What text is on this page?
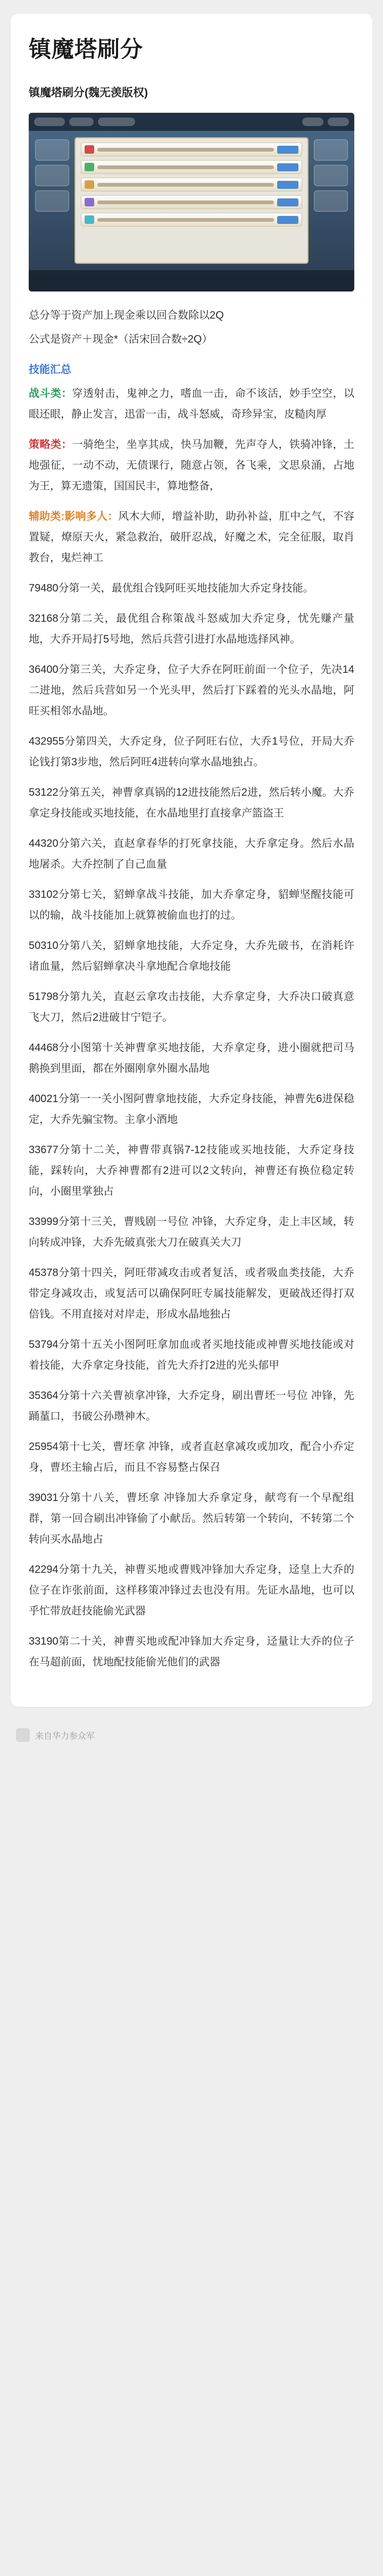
镇魔塔刷分
镇魔塔刷分(魏无羡版权)

总分等于资产加上现金乘以回合数除以2Q

公式是资产＋现金*（活宋回合数÷2Q）

技能汇总

战斗类：穿透射击，鬼神之力，嗜血一击，命不该活，妙手空空，以眼还眼，静止发言，迅雷一击，战斗怒威，奇珍异宝，皮糙肉厚

策略类：一骑绝尘，坐享其成，快马加鞭，先声夺人，铁骑冲锋，土地强征，一动不动，无债课行，随意占领，各飞乘，文思泉涌，占地为王，算无遗策，国国民丰，算地整备，

辅助类:影响多人：风木大师，增益补助，助孙补益，肛中之气，不容置疑，燎原天火，紧急救治，破肝忍战，好魔之术，完全征服，取肖教台，鬼烂神工

79480分第一关，最优组合钱阿旺买地技能加大乔定身技能。

32168分第二关，最优组合称策战斗怒威加大乔定身，忧先赚产量地，大乔开局打5号地，然后兵营引进打水晶地选择风神。

36400分第三关，大乔定身，位子大乔在阿旺前面一个位子，先决14二进地，然后兵营如另一个光头甲，然后打下踩着的光头水晶地，阿旺买相邻水晶地。

432955分第四关，大乔定身，位子阿旺右位，大乔1号位，开局大乔论钱打第3步地，然后阿旺4进转向掌水晶地独占。

53122分第五关，神曹拿真锅的12进技能然后2进，然后转小魔。大乔拿定身技能或买地技能，在水晶地里打直接拿产篮盗王

44320分第六关，直赵拿春华的打死拿技能，大乔拿定身。然后水晶地屠杀。大乔控制了自己血量

33102分第七关，貂蝉拿战斗技能，加大乔拿定身，貂蝉坚醒技能可以的输，战斗技能加上就算被偷血也打的过。

50310分第八关，貂蝉拿地技能，大乔定身，大乔先破书，在消耗许诸血量，然后貂蝉拿决斗拿地配合拿地技能

51798分第九关，直赵云拿攻击技能，大乔拿定身，大乔决口破真意飞大刀，然后2进破甘宁铠子。

44468分小图第十关神曹拿买地技能，大乔拿定身，进小圈就把司马鹅换到里面，都在外圈刚拿外圈水晶地

40021分第一一关小图阿曹拿地技能，大乔定身技能，神曹先6进保稳定，大乔先骗宝物。主拿小酒地

33677分第十二关，神曹带真锅7-12技能或买地技能，大乔定身技能，踩转向，大乔神曹都有2进可以2文转向，神曹还有换位稳定转向，小圈里掌独占

33999分第十三关，曹贱剧一号位 冲锋，大乔定身，走上丰区域，转向转成冲锋，大乔先破真张大刀在破真关大刀

45378分第十四关，阿旺带减攻击或者复活，或者吸血类技能，大乔带定身减攻击，或复活可以确保阿旺专属技能解发，更破战还得打双倍钱。不用直接对对岸走，形成水晶地独占

53794分第十五关小图阿旺拿加血或者买地技能或神曹买地技能或对着技能，大乔拿定身技能，首先大乔打2进的光头郁甲

35364分第十六关曹祯拿冲锋，大乔定身，刷出曹坯一号位 冲锋，先踊蓳口，书破公孙瓒神木。

25954第十七关，曹坯拿 冲锋，或者直赵拿减攻或加攻，配合小乔定身，曹坯主输占后，而且不容易整占保召

39031分第十八关，曹坯拿 冲锋加大乔拿定身，献弯有一个早配组群，第一回合刷出冲锋偷了小献岳。然后转第一个转向，不转第二个转向买水晶地占

42294分第十九关，神曹买地或曹贱冲锋加大乔定身，迳皇上大乔的位子在诈张前面，这样移策冲锋过去也没有用。先证水晶地，也可以乎忙带放赶技能偷光武器

33190第二十关，神曹买地或配冲锋加大乔定身，迳量让大乔的位子在马超前面，忧地配技能偷光他们的武器

来自华力参众军
